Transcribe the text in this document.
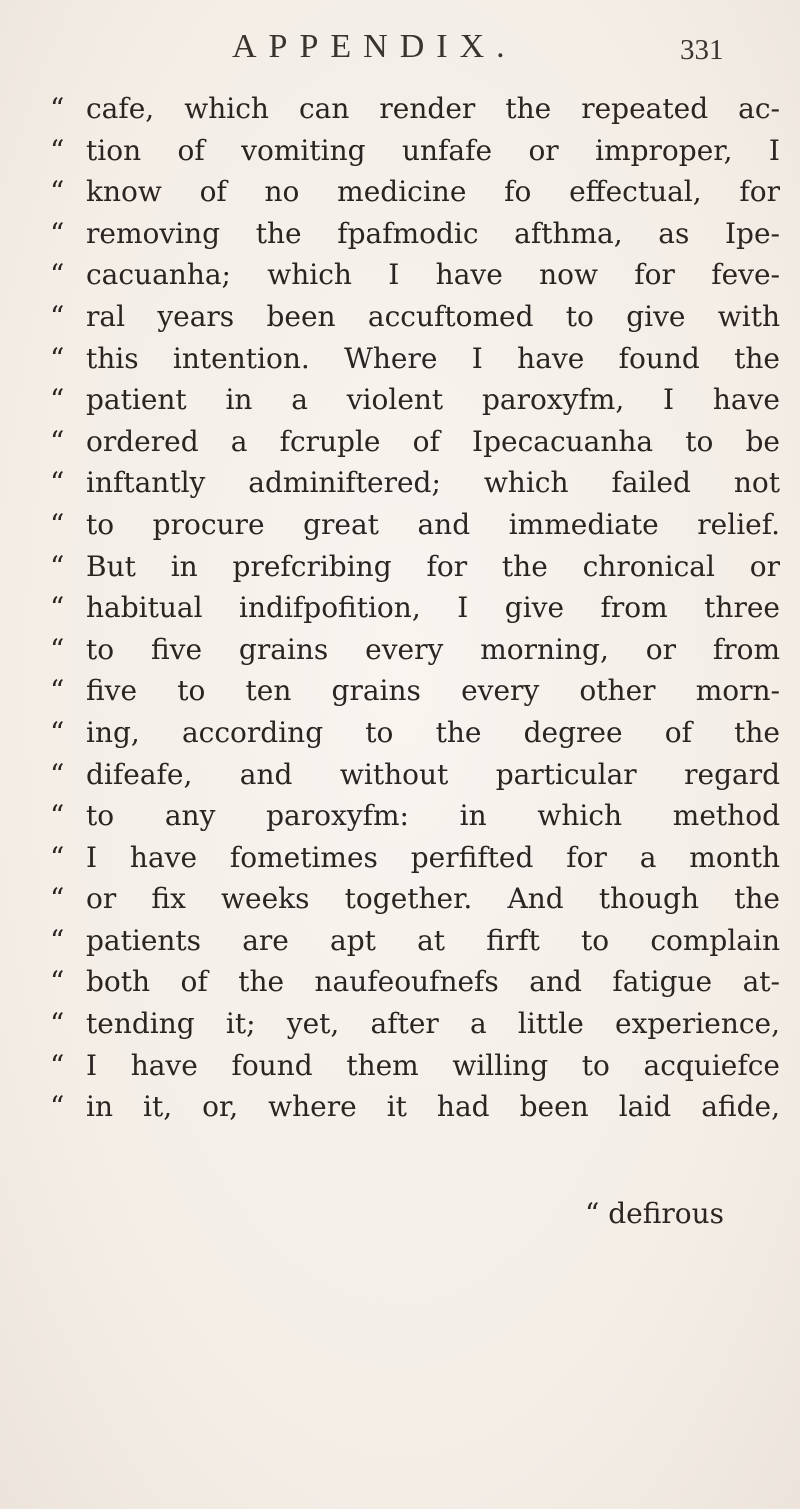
APPENDIX.	331
“ cafe, which can render the repeated ac-
“ tion of vomiting unfafe or improper, I
“ know of no medicine fo effectual, for
“ removing the fpafmodic afthma, as Ipe-
“ cacuanha; which I have now for feve-
“ ral years been accuftomed to give with
“ this intention. Where I have found the
“ patient in a violent paroxyfm, I have
“ ordered a fcruple of Ipecacuanha to be
“ inftantly adminiftered; which failed not
“ to procure great and immediate relief.
“ But in prefcribing for the chronical or
“ habitual indifpofition, I give from three
“ to five grains every morning, or from
“ five to ten grains every other morn-
“ ing, according to the degree of the
“ difeafe, and without particular regard
“ to any paroxyfm: in which method
“ I have fometimes perfifted for a month
“ or fix weeks together. And though the
“ patients are apt at firft to complain
“ both of the naufeoufnefs and fatigue at-
“ tending it; yet, after a little experience,
“ I have found them willing to acquiefce
“ in it, or, where it had been laid afide,
“ defirous
